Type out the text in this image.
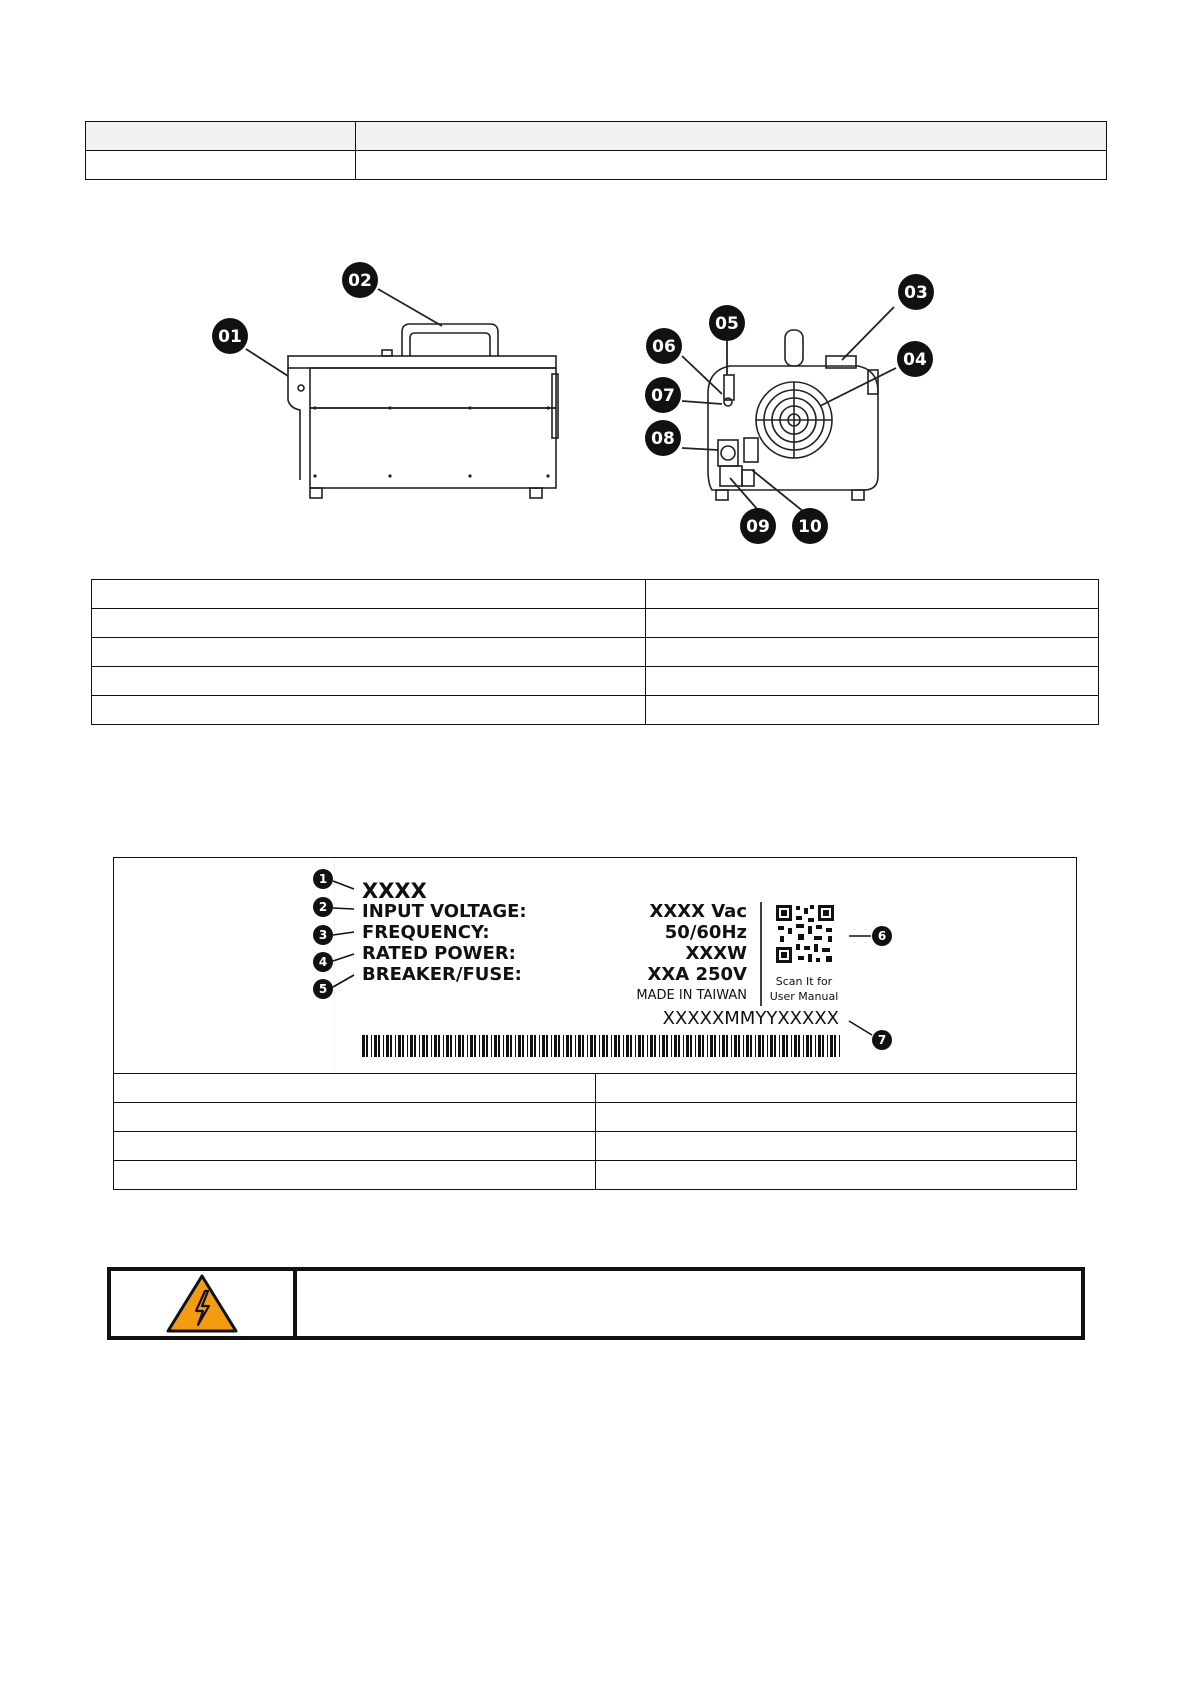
01
02
03
04
05
06
07
08
09 10

1
2
3
4
5
6
7
XXXX
INPUT VOLTAGE:
FREQUENCY:
RATED POWER:
BREAKER/FUSE:
XXXX Vac
50/60Hz
XXXW
XXA 250V
MADE IN TAIWAN
Scan It for
User Manual
XXXXXMMYYXXXXX
